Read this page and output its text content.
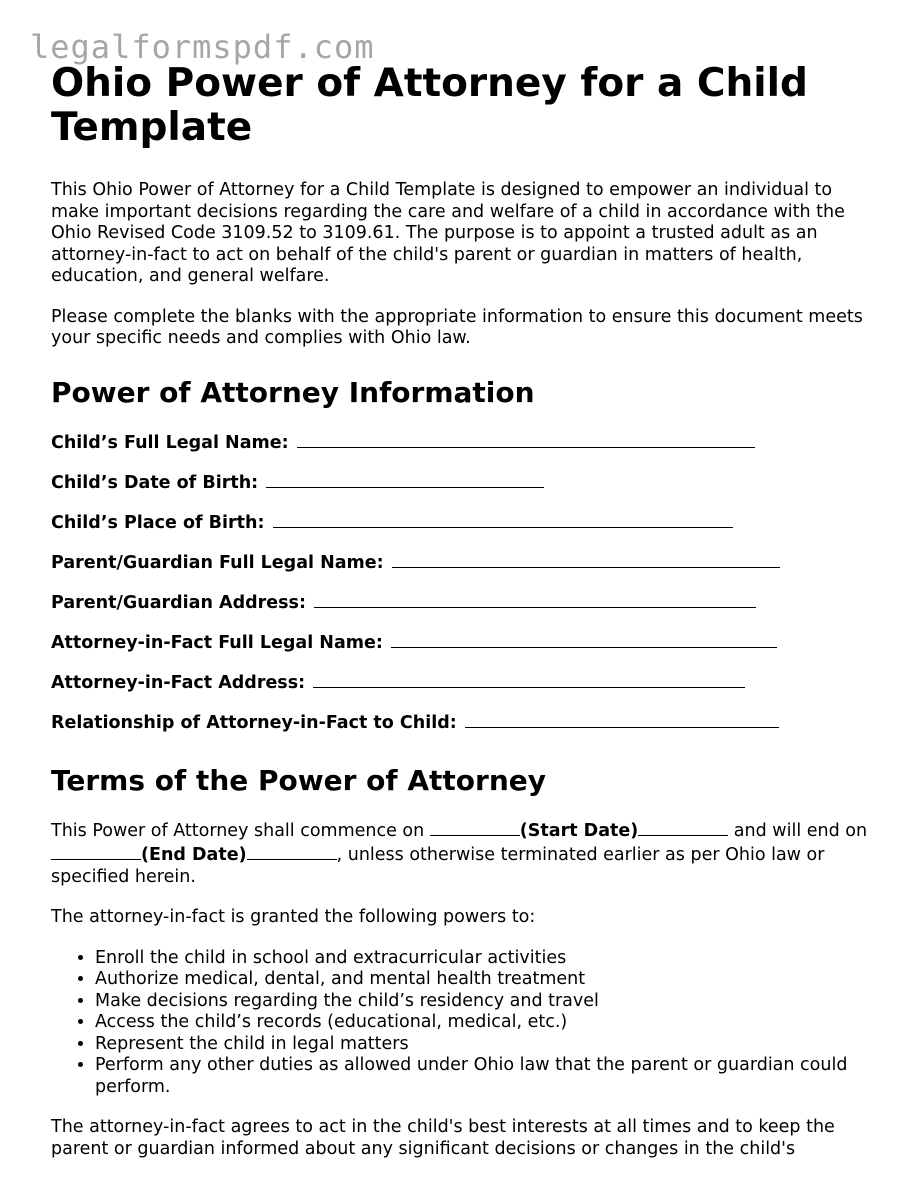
legalformspdf.com
Ohio Power of Attorney for a Child Template

This Ohio Power of Attorney for a Child Template is designed to empower an individual to make important decisions regarding the care and welfare of a child in accordance with the Ohio Revised Code 3109.52 to 3109.61. The purpose is to appoint a trusted adult as an attorney-in-fact to act on behalf of the child's parent or guardian in matters of health, education, and general welfare.

Please complete the blanks with the appropriate information to ensure this document meets your specific needs and complies with Ohio law.

Power of Attorney Information
Child’s Full Legal Name:
Child’s Date of Birth:
Child’s Place of Birth:
Parent/Guardian Full Legal Name:
Parent/Guardian Address:
Attorney-in-Fact Full Legal Name:
Attorney-in-Fact Address:
Relationship of Attorney-in-Fact to Child:
Terms of the Power of Attorney

This Power of Attorney shall commence on	(Start Date)	and will end on (End Date)	, unless otherwise terminated earlier as per Ohio law or specified herein.

The attorney-in-fact is granted the following powers to:

• Enroll the child in school and extracurricular activities
• Authorize medical, dental, and mental health treatment
• Make decisions regarding the child’s residency and travel
• Access the child’s records (educational, medical, etc.)
• Represent the child in legal matters
• Perform any other duties as allowed under Ohio law that the parent or guardian could perform.

The attorney-in-fact agrees to act in the child's best interests at all times and to keep the parent or guardian informed about any significant decisions or changes in the child's
